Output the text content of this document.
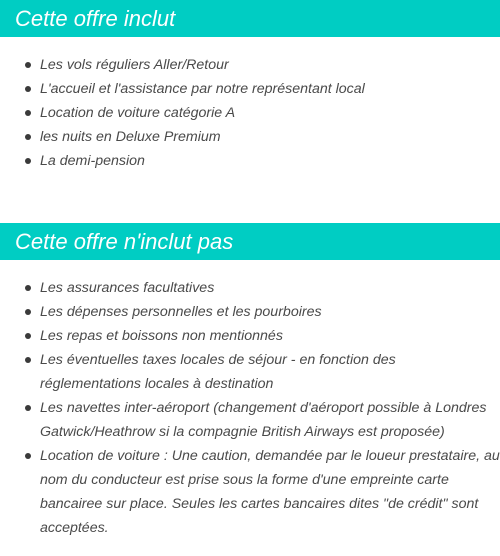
Cette offre inclut
Les vols réguliers Aller/Retour
L'accueil et l'assistance par notre représentant local
Location de voiture catégorie A
les nuits en Deluxe Premium
La demi-pension
Cette offre n'inclut pas
Les assurances facultatives
Les dépenses personnelles et les pourboires
Les repas et boissons non mentionnés
Les éventuelles taxes locales de séjour - en fonction des réglementations locales à destination
Les navettes inter-aéroport (changement d'aéroport possible à Londres Gatwick/Heathrow si la compagnie British Airways est proposée)
Location de voiture : Une caution, demandée par le loueur prestataire, au nom du conducteur est prise sous la forme d'une empreinte carte bancairee sur place. Seules les cartes bancaires dites "de crédit" sont acceptées.
